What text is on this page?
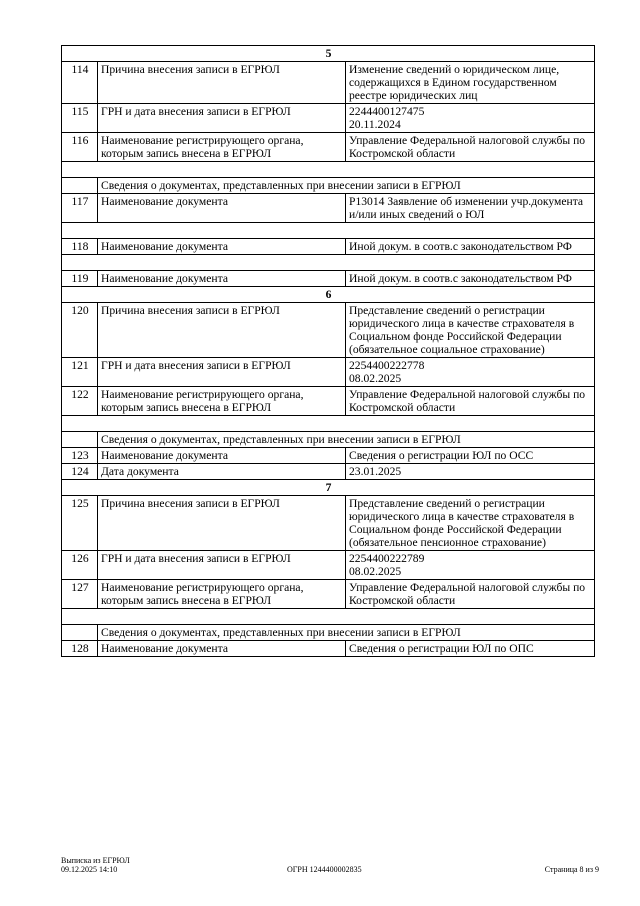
5		
114	Причина внесения записи в ЕГРЮЛ	Изменение сведений о юридическом лице, содержащихся в Едином государственном реестре юридических лиц
115	ГРН и дата внесения записи в ЕГРЮЛ	2244400127475
20.11.2024
116	Наименование регистрирующего органа, которым запись внесена в ЕГРЮЛ	Управление Федеральной налоговой службы по Костромской области

	Сведения о документах, представленных при внесении записи в ЕГРЮЛ	
117	Наименование документа	Р13014 Заявление об изменении учр.документа и/или иных сведений о ЮЛ

118	Наименование документа	Иной докум. в соотв.с законодательством РФ

119	Наименование документа	Иной докум. в соотв.с законодательством РФ
6		
120	Причина внесения записи в ЕГРЮЛ	Представление сведений о регистрации юридического лица в качестве страхователя в Социальном фонде Российской Федерации (обязательное социальное страхование)
121	ГРН и дата внесения записи в ЕГРЮЛ	2254400222778
08.02.2025
122	Наименование регистрирующего органа, которым запись внесена в ЕГРЮЛ	Управление Федеральной налоговой службы по Костромской области

	Сведения о документах, представленных при внесении записи в ЕГРЮЛ	
123	Наименование документа	Сведения о регистрации ЮЛ по ОСС
124	Дата документа	23.01.2025
7		
125	Причина внесения записи в ЕГРЮЛ	Представление сведений о регистрации юридического лица в качестве страхователя в Социальном фонде Российской Федерации (обязательное пенсионное страхование)
126	ГРН и дата внесения записи в ЕГРЮЛ	2254400222789
08.02.2025
127	Наименование регистрирующего органа, которым запись внесена в ЕГРЮЛ	Управление Федеральной налоговой службы по Костромской области

	Сведения о документах, представленных при внесении записи в ЕГРЮЛ	
128	Наименование документа	Сведения о регистрации ЮЛ по ОПС
Выписка из ЕГРЮЛ
09.12.2025 14:10	ОГРН 1244400002835	Страница 8 из 9
